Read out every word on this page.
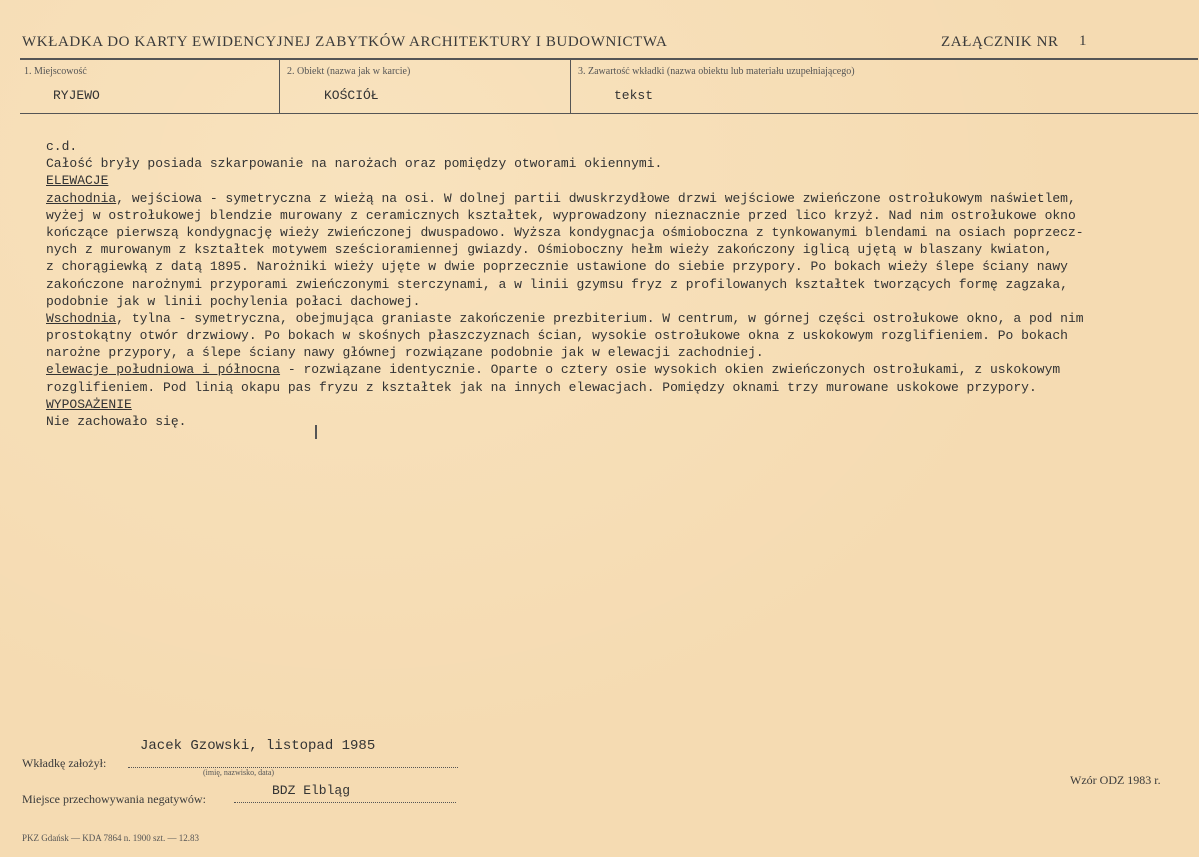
WKŁADKA DO KARTY EWIDENCYJNEJ ZABYTKÓW ARCHITEKTURY I BUDOWNICTWA	ZAŁĄCZNIK NR 1
1. Miejscowość
RYJEWO
2. Obiekt (nazwa jak w karcie)
KOŚCIÓŁ
3. Zawartość wkładki (nazwa obiektu lub materiału uzupełniającego)
tekst
c.d.
Całość bryły posiada szkarpowanie na narożach oraz pomiędzy otworami okiennymi.
ELEWACJE
zachodnia, wejściowa - symetryczna z wieżą na osi. W dolnej partii dwuskrzydłowe drzwi wejściowe zwieńczone ostrołukowym naświetlem,
wyżej w ostrołukowej blendzie murowany z ceramicznych kształtek, wyprowadzony nieznacznie przed lico krzyż. Nad nim ostrołukowe okno
kończące pierwszą kondygnację wieży zwieńczonej dwuspadowo. Wyższa kondygnacja ośmioboczna z tynkowanymi blendami na osiach poprzecz-
nych z murowanym z kształtek motywem sześcioramiennej gwiazdy. Ośmioboczny hełm wieży zakończony iglicą ujętą w blaszany kwiaton,
z chorągiewką z datą 1895. Narożniki wieży ujęte w dwie poprzecznie ustawione do siebie przypory. Po bokach wieży ślepe ściany nawy
zakończone narożnymi przyporami zwieńczonymi sterczynami, a w linii gzymsu fryz z profilowanych kształtek tworzących formę zagzaka,
podobnie jak w linii pochylenia połaci dachowej.
Wschodnia, tylna - symetryczna, obejmująca graniaste zakończenie prezbiterium. W centrum, w górnej części ostrołukowe okno, a pod nim
prostokątny otwór drzwiowy. Po bokach w skośnych płaszczyznach ścian, wysokie ostrołukowe okna z uskokowym rozglifieniem. Po bokach
narożne przypory, a ślepe ściany nawy głównej rozwiązane podobnie jak w elewacji zachodniej.
elewacje południowa i północna - rozwiązane identycznie. Oparte o cztery osie wysokich okien zwieńczonych ostrołukami, z uskokowym
rozglifieniem. Pod linią okapu pas fryzu z kształtek jak na innych elewacjach. Pomiędzy oknami trzy murowane uskokowe przypory.
WYPOSAŻENIE
Nie zachowało się.
Jacek Gzowski, listopad 1985
Wkładkę założył:
(imię, nazwisko, data)
Miejsce przechowywania negatywów:
BDZ Elbląg
Wzór ODZ 1983 r.
PKZ Gdańsk — KDA 7864 n. 1900 szt. — 12.83
